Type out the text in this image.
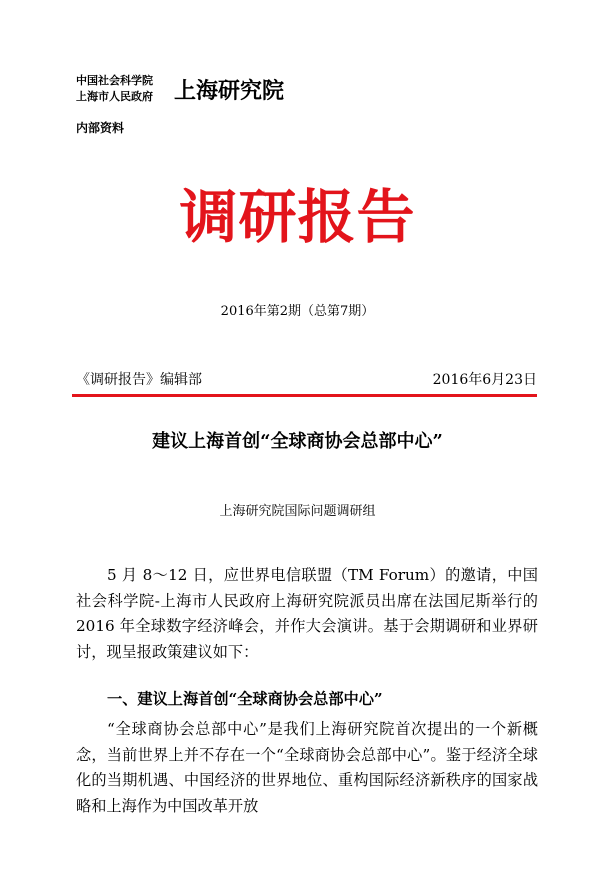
中国社会科学院
上海市人民政府 上海研究院
内部资料
调研报告
2016年第2期（总第7期）
《调研报告》编辑部	2016年6月23日
建议上海首创“全球商协会总部中心”
上海研究院国际问题调研组
5 月 8～12 日，应世界电信联盟（TM Forum）的邀请，中国社会科学院-上海市人民政府上海研究院派员出席在法国尼斯举行的 2016 年全球数字经济峰会，并作大会演讲。基于会期调研和业界研讨，现呈报政策建议如下：
一、建议上海首创“全球商协会总部中心”
“全球商协会总部中心”是我们上海研究院首次提出的一个新概念，当前世界上并不存在一个“全球商协会总部中心”。鉴于经济全球化的当期机遇、中国经济的世界地位、重构国际经济新秩序的国家战略和上海作为中国改革开放
